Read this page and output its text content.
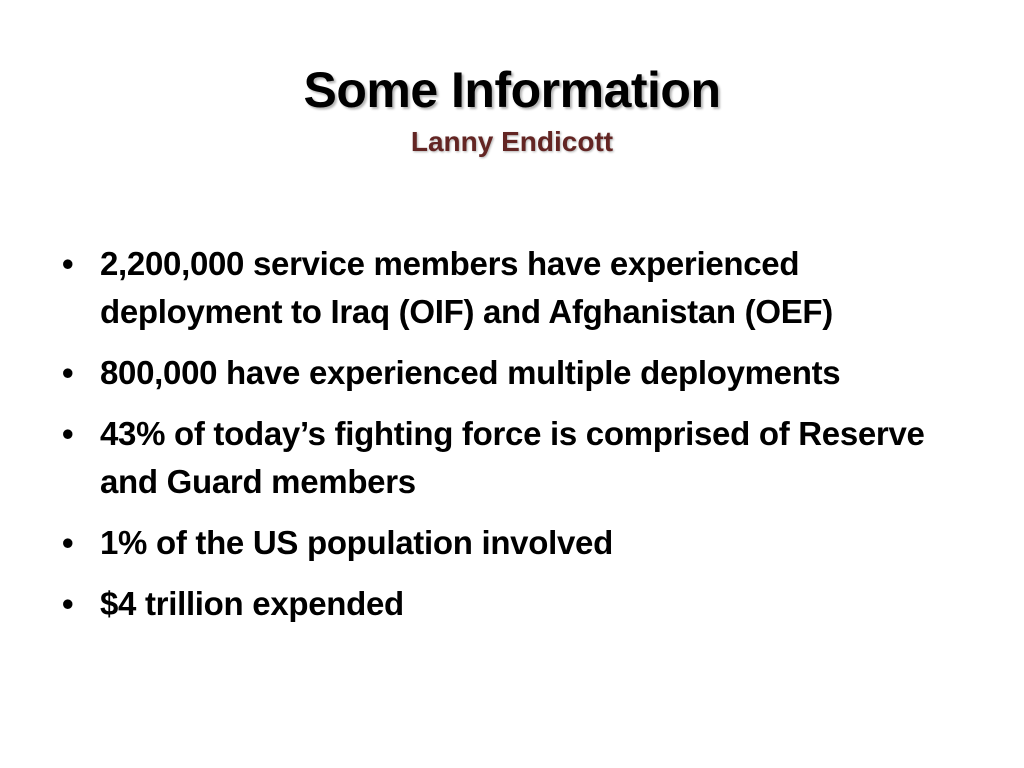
Some Information
Lanny Endicott
• 2,200,000 service members have experienced deployment to Iraq (OIF) and Afghanistan (OEF)
• 800,000 have experienced multiple deployments
• 43% of today’s fighting force is comprised of Reserve and Guard members
• 1% of the US population involved
• $4 trillion expended
